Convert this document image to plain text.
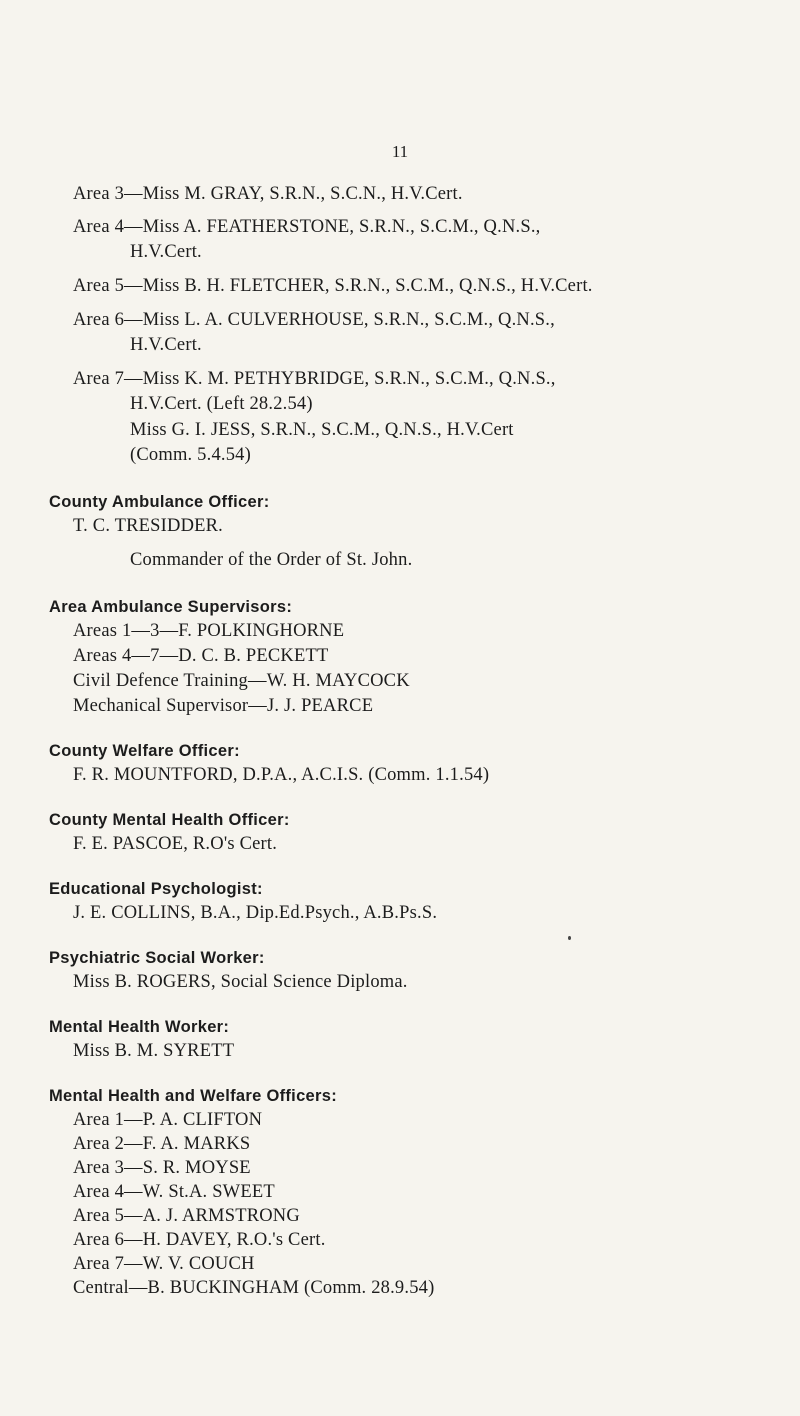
11
Area 3—Miss M. GRAY, S.R.N., S.C.N., H.V.Cert.
Area 4—Miss A. FEATHERSTONE, S.R.N., S.C.M., Q.N.S.,
H.V.Cert.
Area 5—Miss B. H. FLETCHER, S.R.N., S.C.M., Q.N.S., H.V.Cert.
Area 6—Miss L. A. CULVERHOUSE, S.R.N., S.C.M., Q.N.S.,
H.V.Cert.
Area 7—Miss K. M. PETHYBRIDGE, S.R.N., S.C.M., Q.N.S.,
H.V.Cert. (Left 28.2.54)
Miss G. I. JESS, S.R.N., S.C.M., Q.N.S., H.V.Cert
(Comm. 5.4.54)
County Ambulance Officer:
T. C. TRESIDDER.
Commander of the Order of St. John.
Area Ambulance Supervisors:
Areas 1—3—F. POLKINGHORNE
Areas 4—7—D. C. B. PECKETT
Civil Defence Training—W. H. MAYCOCK
Mechanical Supervisor—J. J. PEARCE
County Welfare Officer:
F. R. MOUNTFORD, D.P.A., A.C.I.S. (Comm. 1.1.54)
County Mental Health Officer:
F. E. PASCOE, R.O's Cert.
Educational Psychologist:
J. E. COLLINS, B.A., Dip.Ed.Psych., A.B.Ps.S.
Psychiatric Social Worker:
Miss B. ROGERS, Social Science Diploma.
Mental Health Worker:
Miss B. M. SYRETT
Mental Health and Welfare Officers:
Area 1—P. A. CLIFTON
Area 2—F. A. MARKS
Area 3—S. R. MOYSE
Area 4—W. St.A. SWEET
Area 5—A. J. ARMSTRONG
Area 6—H. DAVEY, R.O.'s Cert.
Area 7—W. V. COUCH
Central—B. BUCKINGHAM (Comm. 28.9.54)
